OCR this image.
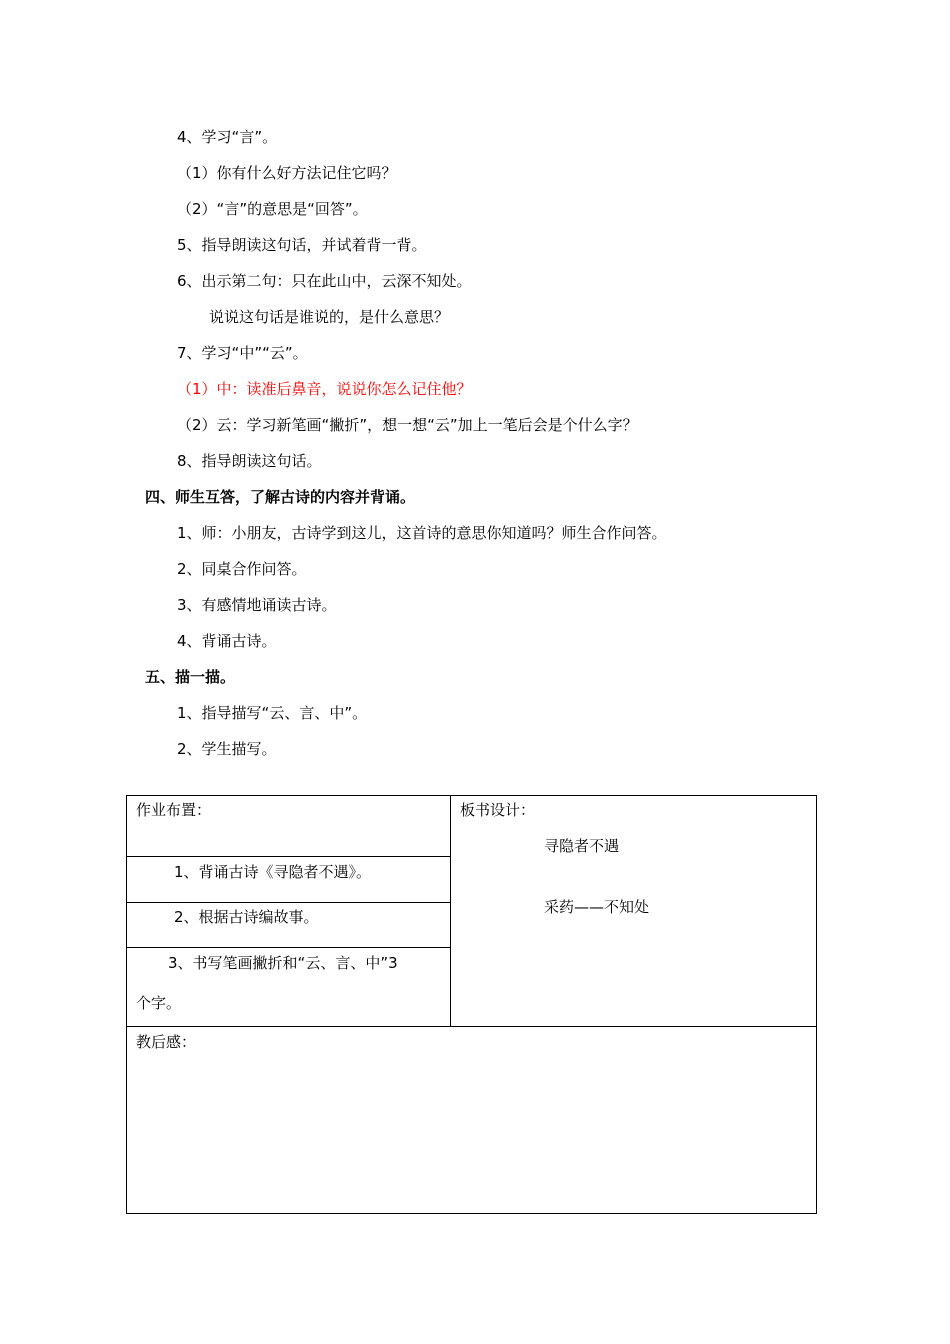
4、学习“言”。
（1）你有什么好方法记住它吗？
（2）“言”的意思是“回答”。
5、指导朗读这句话，并试着背一背。
6、出示第二句：只在此山中，云深不知处。
说说这句话是谁说的，是什么意思？
7、学习“中”“云”。
（1）中：读准后鼻音，说说你怎么记住他？
（2）云：学习新笔画“撇折”，想一想“云”加上一笔后会是个什么字？
8、指导朗读这句话。
四、师生互答，了解古诗的内容并背诵。
1、师：小朋友，古诗学到这儿，这首诗的意思你知道吗？师生合作问答。
2、同桌合作问答。
3、有感情地诵读古诗。
4、背诵古诗。
五、描一描。
1、指导描写“云、言、中”。
2、学生描写。
作业布置：
1、背诵古诗《寻隐者不遇》。
2、根据古诗编故事。
3、书写笔画撇折和“云、言、中”3
个字。
板书设计：
寻隐者不遇
采药——不知处
教后感：
